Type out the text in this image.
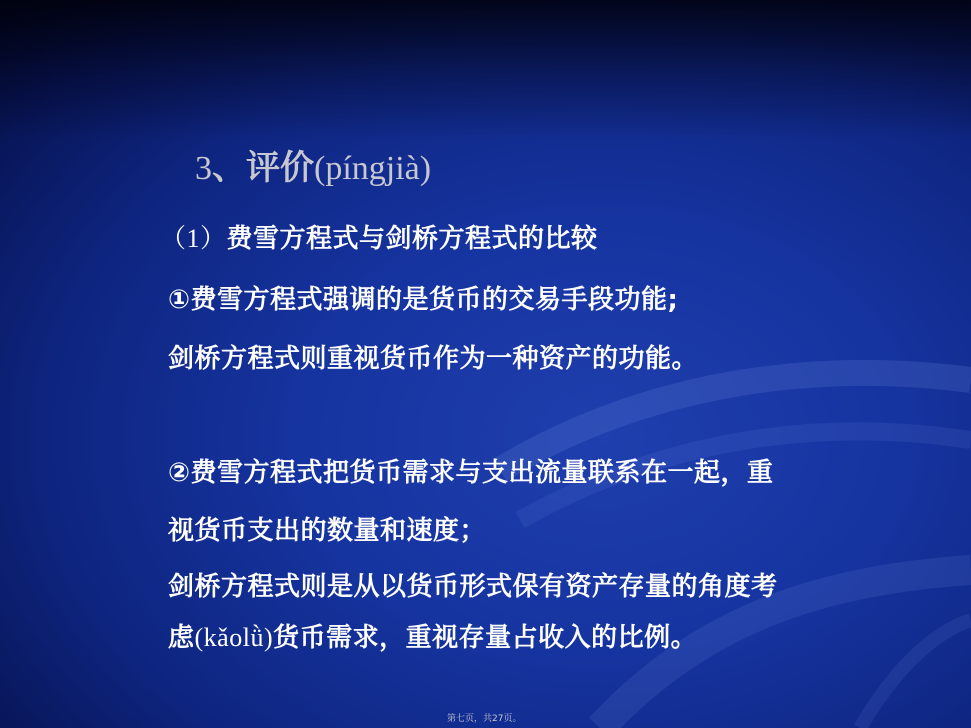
3、评价(píngjià)
（1）费雪方程式与剑桥方程式的比较
①费雪方程式强调的是货币的交易手段功能;
剑桥方程式则重视货币作为一种资产的功能。
②费雪方程式把货币需求与支出流量联系在一起，重
视货币支出的数量和速度；
剑桥方程式则是从以货币形式保有资产存量的角度考
虑(kǎolǜ)货币需求，重视存量占收入的比例。
第七页，共27页。
